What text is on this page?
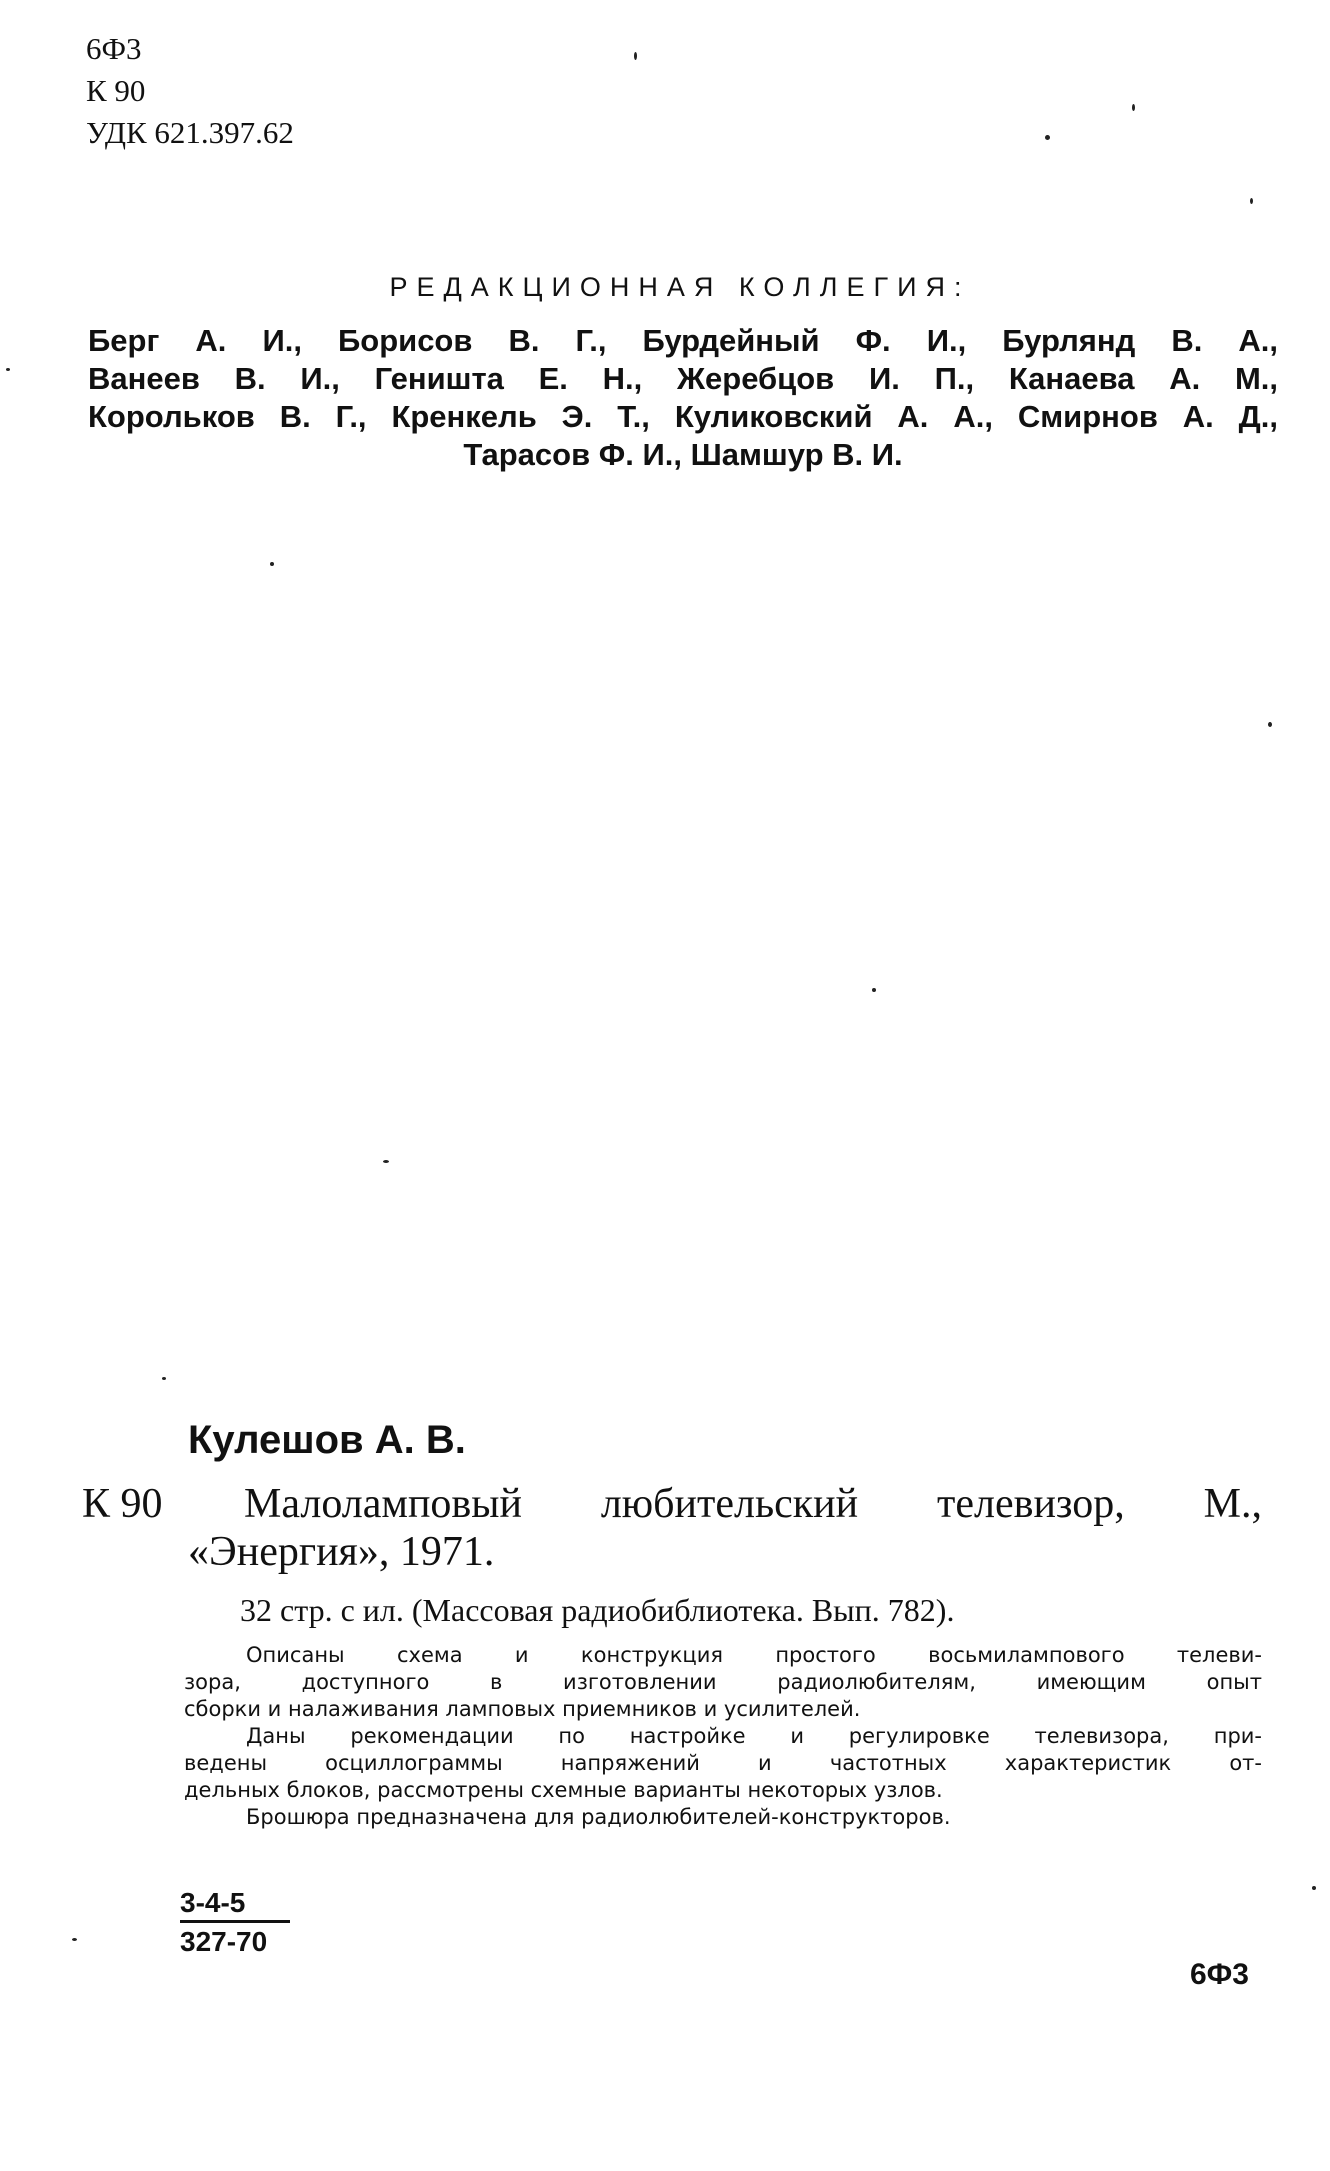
6Ф3
К 90
УДК 621.397.62
РЕДАКЦИОННАЯ КОЛЛЕГИЯ:
Берг А. И., Борисов В. Г., Бурдейный Ф. И., Бурлянд В. А.,
Ванеев В. И., Геништа Е. Н., Жеребцов И. П., Канаева А. М.,
Корольков В. Г., Кренкель Э. Т., Куликовский А. А., Смирнов А. Д.,
Тарасов Ф. И., Шамшур В. И.
Кулешов А. В.
К 90 Малоламповый любительский телевизор, М.,
«Энергия», 1971.
32 стр. с ил. (Массовая радиобиблиотека. Вып. 782).
Описаны схема и конструкция простого восьмилампового телеви-
зора, доступного в изготовлении радиолюбителям, имеющим опыт
сборки и налаживания ламповых приемников и усилителей.
Даны рекомендации по настройке и регулировке телевизора, при-
ведены осциллограммы напряжений и частотных характеристик от-
дельных блоков, рассмотрены схемные варианты некоторых узлов.
Брошюра предназначена для радиолюбителей-конструкторов.
$\frac{3-4-5}{327-70}$
6Ф3
